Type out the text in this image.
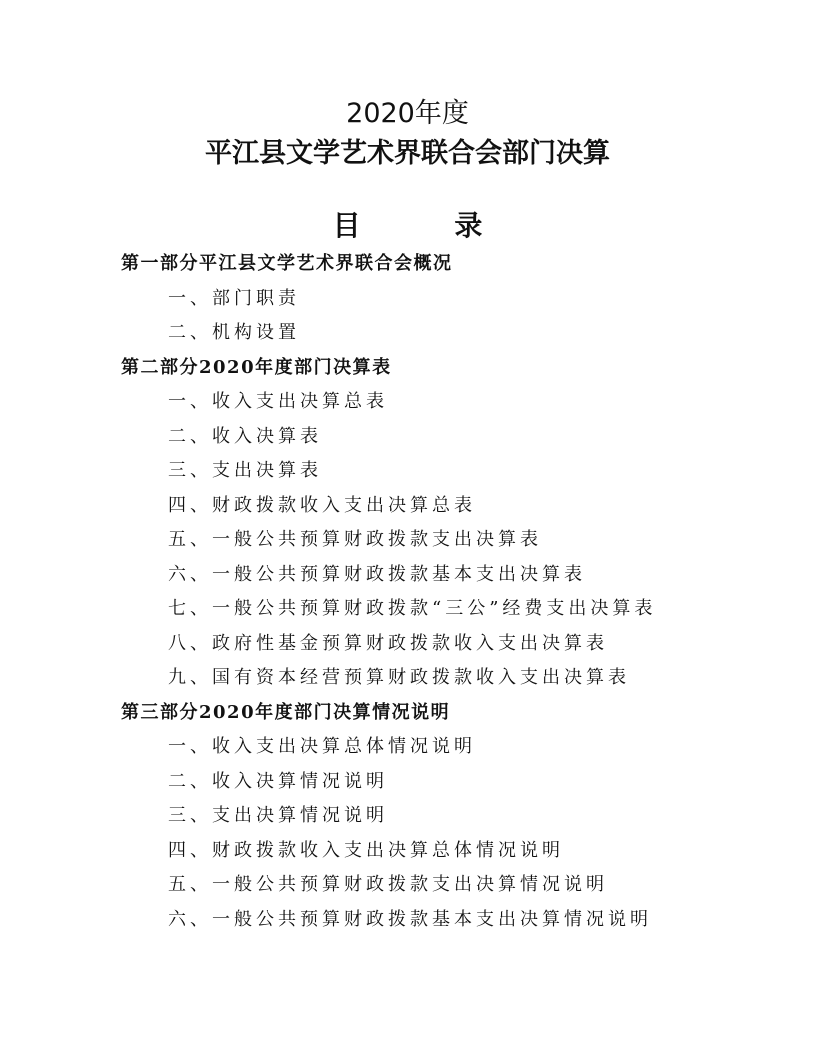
2020年度
平江县文学艺术界联合会部门决算
目 录
第一部分平江县文学艺术界联合会概况
一、部门职责
二、机构设置
第二部分2020年度部门决算表
一、收入支出决算总表
二、收入决算表
三、支出决算表
四、财政拨款收入支出决算总表
五、一般公共预算财政拨款支出决算表
六、一般公共预算财政拨款基本支出决算表
七、一般公共预算财政拨款“三公”经费支出决算表
八、政府性基金预算财政拨款收入支出决算表
九、国有资本经营预算财政拨款收入支出决算表
第三部分2020年度部门决算情况说明
一、收入支出决算总体情况说明
二、收入决算情况说明
三、支出决算情况说明
四、财政拨款收入支出决算总体情况说明
五、一般公共预算财政拨款支出决算情况说明
六、一般公共预算财政拨款基本支出决算情况说明
